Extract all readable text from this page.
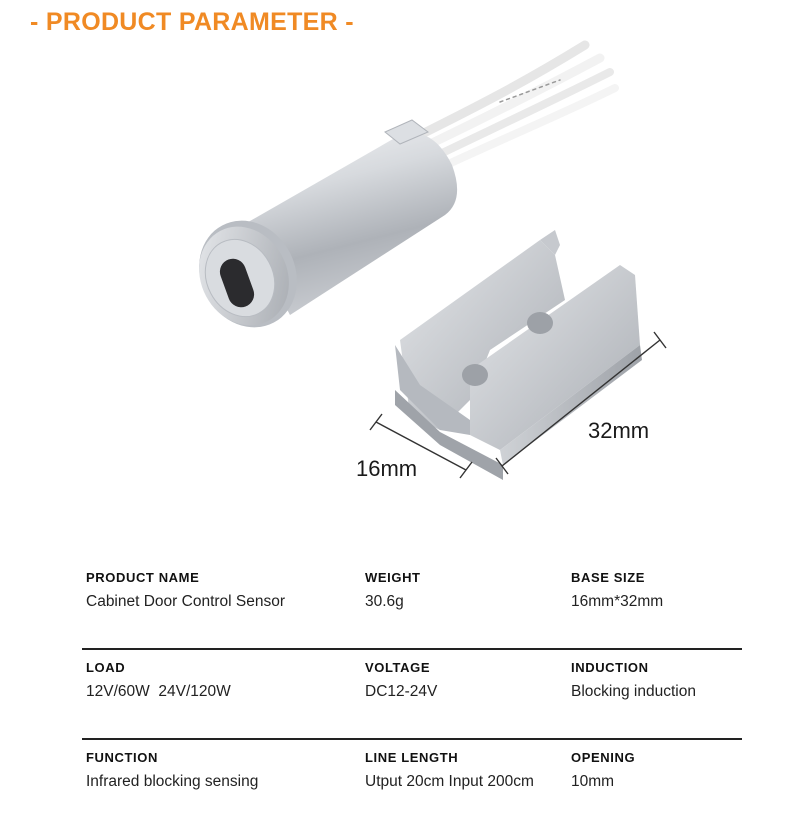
- PRODUCT PARAMETER -
32mm
16mm
PRODUCT NAME
Cabinet Door Control Sensor
WEIGHT
30.6g
BASE SIZE
16mm*32mm
LOAD
12V/60W  24V/120W
VOLTAGE
DC12-24V
INDUCTION
Blocking induction
FUNCTION
Infrared blocking sensing
LINE LENGTH
Utput 20cm Input 200cm
OPENING
10mm
